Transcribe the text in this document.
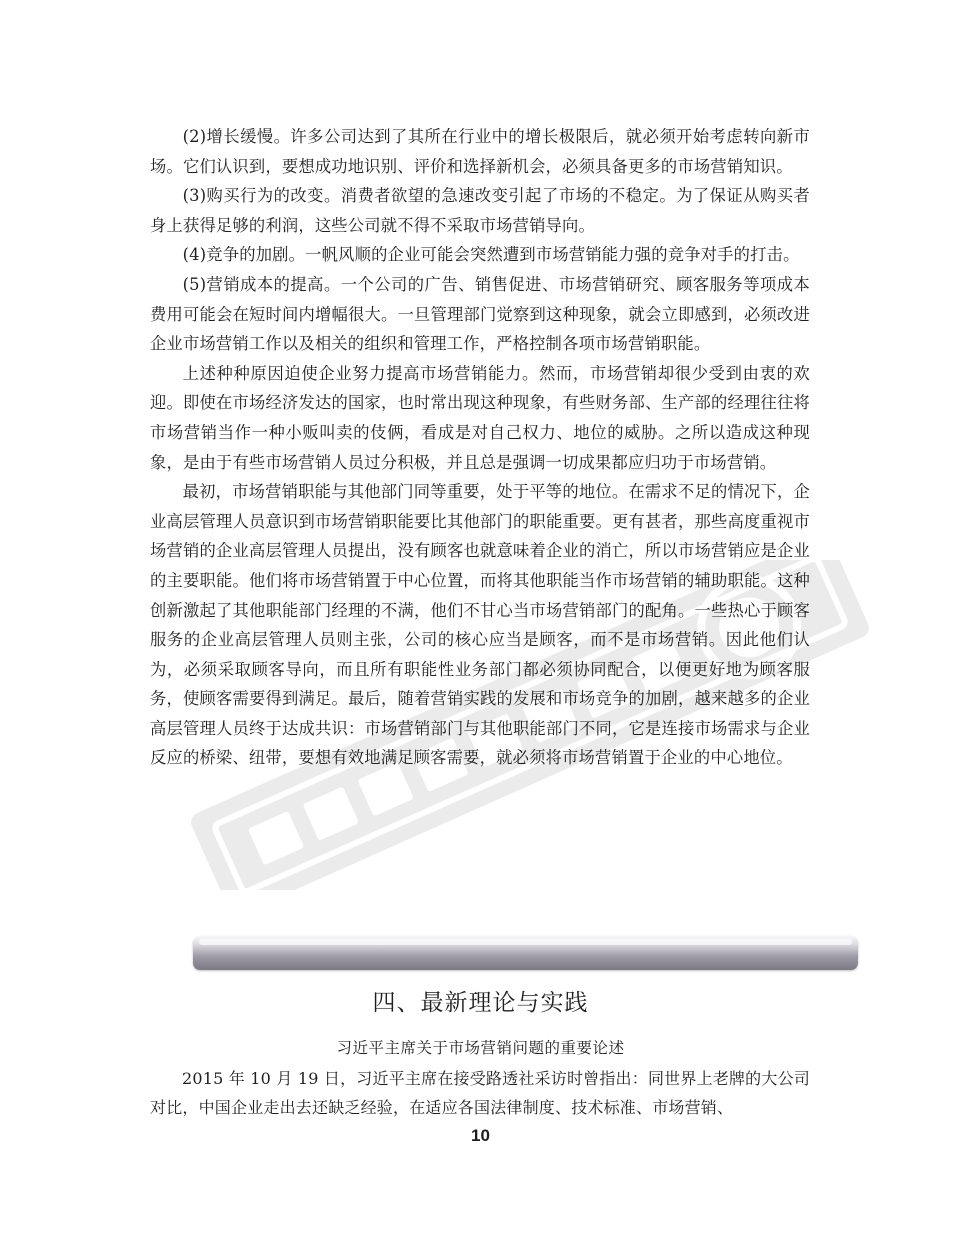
(2)增长缓慢。许多公司达到了其所在行业中的增长极限后，就必须开始考虑转向新市场。它们认识到，要想成功地识别、评价和选择新机会，必须具备更多的市场营销知识。

(3)购买行为的改变。消费者欲望的急速改变引起了市场的不稳定。为了保证从购买者身上获得足够的利润，这些公司就不得不采取市场营销导向。

(4)竞争的加剧。一帆风顺的企业可能会突然遭到市场营销能力强的竞争对手的打击。

(5)营销成本的提高。一个公司的广告、销售促进、市场营销研究、顾客服务等项成本费用可能会在短时间内增幅很大。一旦管理部门觉察到这种现象，就会立即感到，必须改进企业市场营销工作以及相关的组织和管理工作，严格控制各项市场营销职能。

上述种种原因迫使企业努力提高市场营销能力。然而，市场营销却很少受到由衷的欢迎。即使在市场经济发达的国家，也时常出现这种现象，有些财务部、生产部的经理往往将市场营销当作一种小贩叫卖的伎俩，看成是对自己权力、地位的威胁。之所以造成这种现象，是由于有些市场营销人员过分积极，并且总是强调一切成果都应归功于市场营销。

最初，市场营销职能与其他部门同等重要，处于平等的地位。在需求不足的情况下，企业高层管理人员意识到市场营销职能要比其他部门的职能重要。更有甚者，那些高度重视市场营销的企业高层管理人员提出，没有顾客也就意味着企业的消亡，所以市场营销应是企业的主要职能。他们将市场营销置于中心位置，而将其他职能当作市场营销的辅助职能。这种创新激起了其他职能部门经理的不满，他们不甘心当市场营销部门的配角。一些热心于顾客服务的企业高层管理人员则主张，公司的核心应当是顾客，而不是市场营销。因此他们认为，必须采取顾客导向，而且所有职能性业务部门都必须协同配合，以便更好地为顾客服务，使顾客需要得到满足。最后，随着营销实践的发展和市场竞争的加剧，越来越多的企业高层管理人员终于达成共识：市场营销部门与其他职能部门不同，它是连接市场需求与企业反应的桥梁、纽带，要想有效地满足顾客需要，就必须将市场营销置于企业的中心地位。

四、最新理论与实践

习近平主席关于市场营销问题的重要论述

2015 年 10 月 19 日，习近平主席在接受路透社采访时曾指出：同世界上老牌的大公司对比，中国企业走出去还缺乏经验，在适应各国法律制度、技术标准、市场营销、

10
